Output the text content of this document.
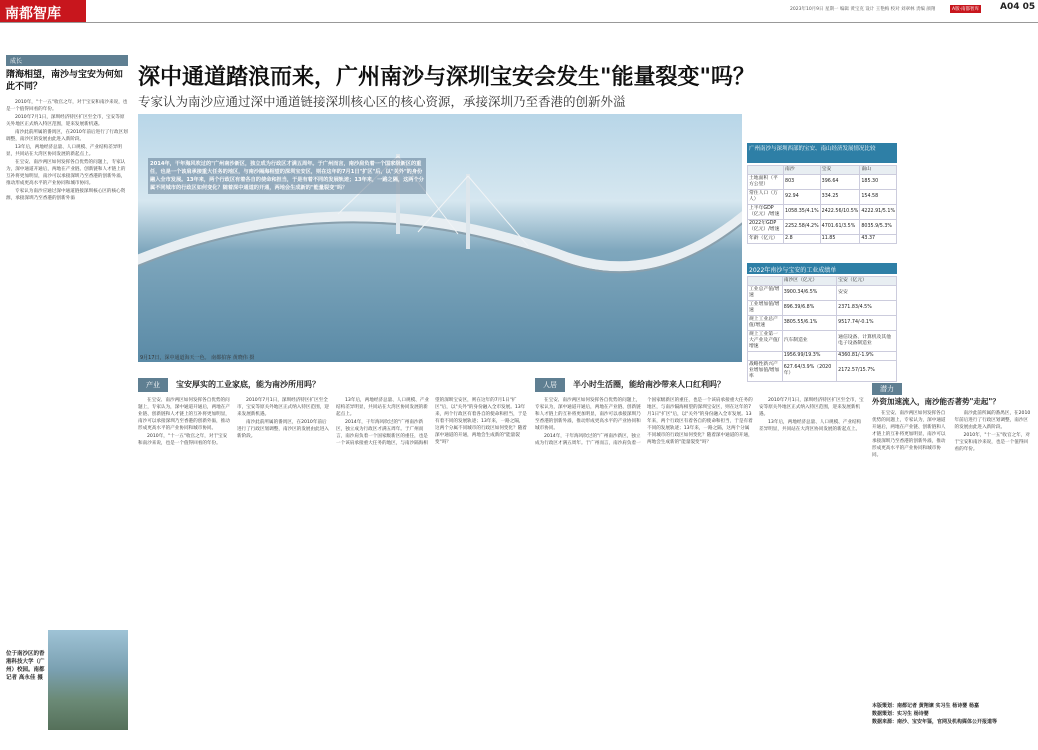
南都智库	2023年10月9日 星期一 编辑 黄宝克 设计 王艳梅 校对 刘翠林 责编 颜翔	A版·南都智库 A04 05
成长
隋海相望，南沙与宝安为何如此不同？

2010年，"十一五"收官之年，对于宝安和南沙来说，也是一个值得回看的年份。

2010年7月1日，深圳经济特区扩区至全市，宝安等原关外地区正式纳入特区范围，迎来发展新机遇。

南沙此前所属的番禺区，在2010年前后进行了行政区划调整，南沙区的发展由此进入新阶段。

13年后，两地经济总量、人口规模、产业结构差异明显，共同站在大湾区协同发展的新起点上。

在宝安、南沙两区如何发挥各自优势的问题上，专家认为，深中通道开通后，两地在产业链、创新链和人才链上的互补将更加明显，南沙可以承接深圳乃至香港的创新外溢，推动形成更高水平的产业协同和城市协同。

专家认为南沙应通过深中通道链接深圳核心区的核心资源，承接深圳乃至香港的创新外溢

位于南沙区的香港科技大学（广州）校园。南都记者 高永佳 摄
深中通道踏浪而来，广州南沙与深圳宝安会发生"能量裂变"吗？
专家认为南沙应通过深中通道链接深圳核心区的核心资源，承接深圳乃至香港的创新外溢
2014年，干年海风吹过的"广州南沙新区，独立成为行政区才满五周年。于广州而言，南沙肩负着一个国家级新区的重任，也是一个该肩承接重大任务的地区，与南沙隔海相望的深圳宝安区，则在这年的7月1日"扩区"后，以"关外"的身份融入全市发展。13年来，两个行政区有着各自的使命和担当，于是有着不同的发展轨迹；13年来，一路之隔，这两个分属不同城市的行政区如何变化？随着深中通道的开通，两地会生成新的"能量裂变"吗？
9月17日，深中通道海天一色。 南都拍客 黄晓伟 摄
广州南沙与深圳西部的宝安、南山经济发展情况比较
	南沙	宝安	南山
土地面积（平方公里）	803	396.64	185.30
常住人口（万人）	92.94	334.25	154.58
上半年GDP（亿元）/增速	1058.35/4.1%	2422.56/10.5%	4222.91/5.1%
2022年GDP（亿元）/增速	2252.58/4.2%	4701.61/3.5%	8035.9/5.3%
年龄（亿元）	2.8	11.85	43.37
2022年南沙与宝安的工业成绩单
	南沙区（亿元）	宝安（亿元）
工业总产值/增速	3900.34/6.5%	安安
工业增加值/增速	896.39/6.8%	2371.83/4.5%
规上工业总产值/增速	3805.55/6.1%	9517.74/-0.1%
规上工业第一大产业及产值/增速	汽车制造业	通信设备、计算机及其他电子设备制造业
	1956.99/19.3%	4360.81/-1.9%
战略性新兴产业增加值/增加率	627.64/3.9%（2020年）	2172.57/15.7%
产业	宝安厚实的工业家底，能为南沙所用吗？

在宝安、南沙两区如何发挥各自优势的问题上，专家认为，深中通道开通后，两地在产业链、创新链和人才链上的互补将更加明显，南沙可以承接深圳乃至香港的创新外溢，推动形成更高水平的产业协同和城市协同。

2010年，"十一五"收官之年，对于宝安和南沙来说，也是一个值得回看的年份。

2010年7月1日，深圳经济特区扩区至全市，宝安等原关外地区正式纳入特区范围，迎来发展新机遇。

南沙此前所属的番禺区，在2010年前后进行了行政区划调整，南沙区的发展由此进入新阶段。

13年后，两地经济总量、人口规模、产业结构差异明显，共同站在大湾区协同发展的新起点上。

2014年，干年海风吹过的"广州南沙新区，独立成为行政区才满五周年。于广州而言，南沙肩负着一个国家级新区的重任，也是一个该肩承接重大任务的地区，与南沙隔海相望的深圳宝安区，则在这年的7月1日"扩区"后，以"关外"的身份融入全市发展。13年来，两个行政区有着各自的使命和担当，于是有着不同的发展轨迹；13年来，一路之隔，这两个分属不同城市的行政区如何变化？随着深中通道的开通，两地会生成新的"能量裂变"吗？

人居	半小时生活圈，能给南沙带来人口红利吗？

在宝安、南沙两区如何发挥各自优势的问题上，专家认为，深中通道开通后，两地在产业链、创新链和人才链上的互补将更加明显，南沙可以承接深圳乃至香港的创新外溢，推动形成更高水平的产业协同和城市协同。

2014年，干年海风吹过的"广州南沙新区，独立成为行政区才满五周年。于广州而言，南沙肩负着一个国家级新区的重任，也是一个该肩承接重大任务的地区，与南沙隔海相望的深圳宝安区，则在这年的7月1日"扩区"后，以"关外"的身份融入全市发展。13年来，两个行政区有着各自的使命和担当，于是有着不同的发展轨迹；13年来，一路之隔，这两个分属不同城市的行政区如何变化？随着深中通道的开通，两地会生成新的"能量裂变"吗？

2010年7月1日，深圳经济特区扩区至全市，宝安等原关外地区正式纳入特区范围，迎来发展新机遇。

13年后，两地经济总量、人口规模、产业结构差异明显，共同站在大湾区协同发展的新起点上。

潜力
外资加速流入，南沙能否著势"走起"？

在宝安、南沙两区如何发挥各自优势的问题上，专家认为，深中通道开通后，两地在产业链、创新链和人才链上的互补将更加明显，南沙可以承接深圳乃至香港的创新外溢，推动形成更高水平的产业协同和城市协同。

南沙此前所属的番禺区，在2010年前后进行了行政区划调整，南沙区的发展由此进入新阶段。

2010年，"十一五"收官之年，对于宝安和南沙来说，也是一个值得回看的年份。

本版策划：南都记者 黄翔谏 实习生 杨诗婴 杨嘉
数据策划：实习生 杨诗婴
数据来源：南沙、宝安年鉴，官网及机构媒体公开报道等
